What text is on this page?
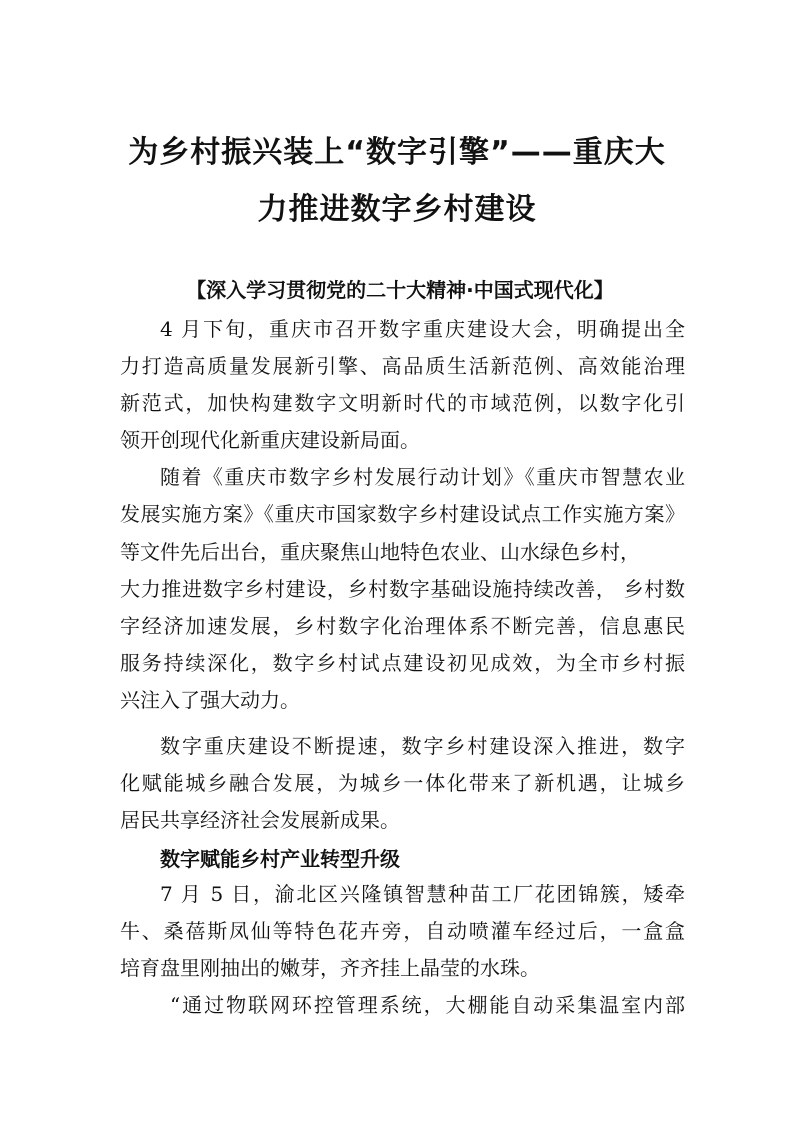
为乡村振兴装上“数字引擎”——重庆大
力推进数字乡村建设
【深入学习贯彻党的二十大精神·中国式现代化】
4 月下旬，重庆市召开数字重庆建设大会，明确提出全
力打造高质量发展新引擎、高品质生活新范例、高效能治理
新范式，加快构建数字文明新时代的市域范例，以数字化引
领开创现代化新重庆建设新局面。
随着《重庆市数字乡村发展行动计划》《重庆市智慧农业
发展实施方案》《重庆市国家数字乡村建设试点工作实施方案》
等文件先后出台，重庆聚焦山地特色农业、山水绿色乡村，
大力推进数字乡村建设，乡村数字基础设施持续改善， 乡村数
字经济加速发展，乡村数字化治理体系不断完善，信息惠民
服务持续深化，数字乡村试点建设初见成效，为全市乡村振
兴注入了强大动力。
数字重庆建设不断提速，数字乡村建设深入推进，数字
化赋能城乡融合发展，为城乡一体化带来了新机遇，让城乡
居民共享经济社会发展新成果。
数字赋能乡村产业转型升级
7 月 5 日，渝北区兴隆镇智慧种苗工厂花团锦簇，矮牵
牛、桑蓓斯凤仙等特色花卉旁，自动喷灌车经过后，一盒盒
培育盘里刚抽出的嫩芽，齐齐挂上晶莹的水珠。
“通过物联网环控管理系统，大棚能自动采集温室内部
